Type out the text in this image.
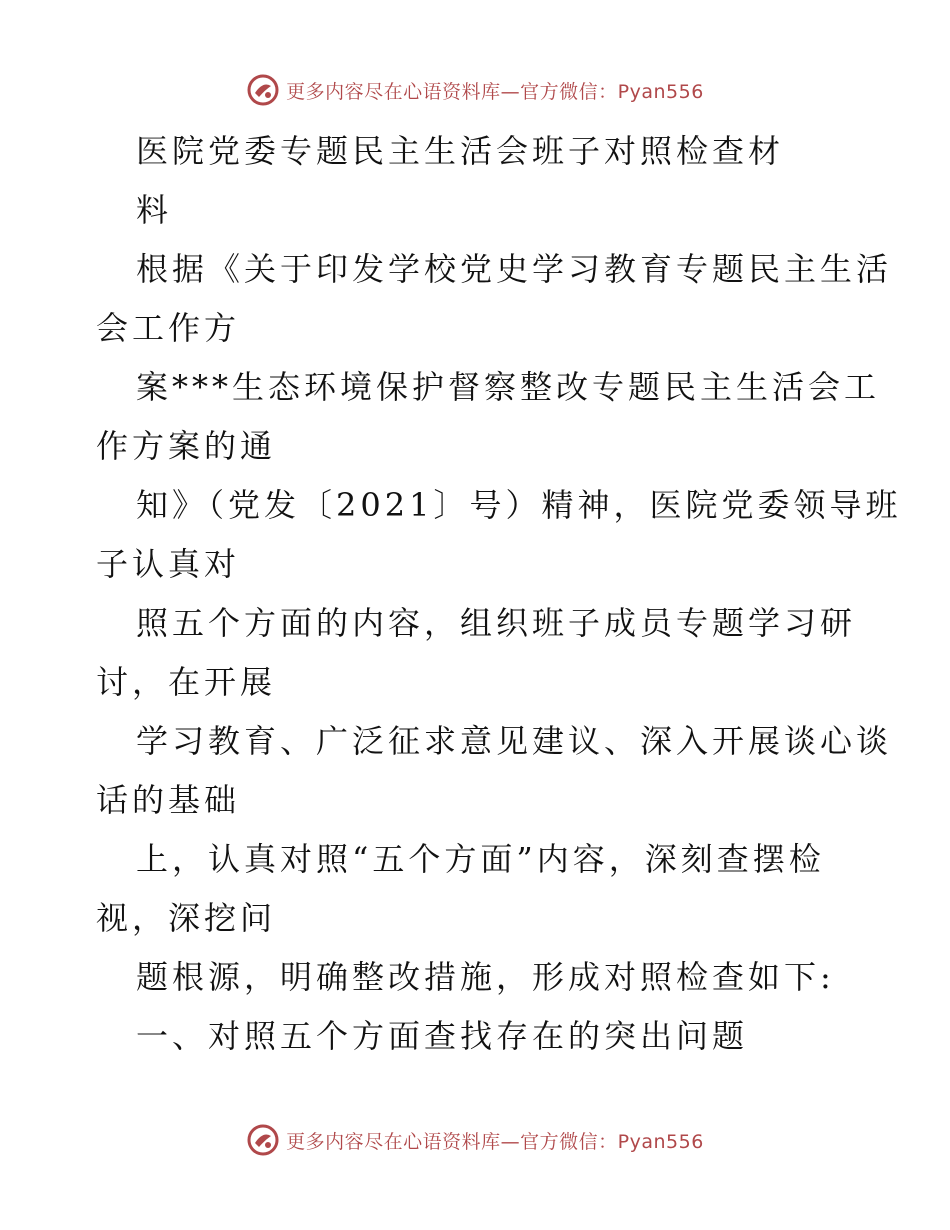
更多内容尽在心语资料库—官方微信：Pyan556
医院党委专题民主生活会班子对照检查材
料
根据《关于印发学校党史学习教育专题民主生活
会工作方
案***生态环境保护督察整改专题民主生活会工
作方案的通
知》（党发〔2021〕号）精神，医院党委领导班
子认真对
照五个方面的内容，组织班子成员专题学习研
讨，在开展
学习教育、广泛征求意见建议、深入开展谈心谈
话的基础
上，认真对照“五个方面”内容，深刻查摆检
视，深挖问
题根源，明确整改措施，形成对照检查如下:
一、对照五个方面查找存在的突出问题
更多内容尽在心语资料库—官方微信：Pyan556
